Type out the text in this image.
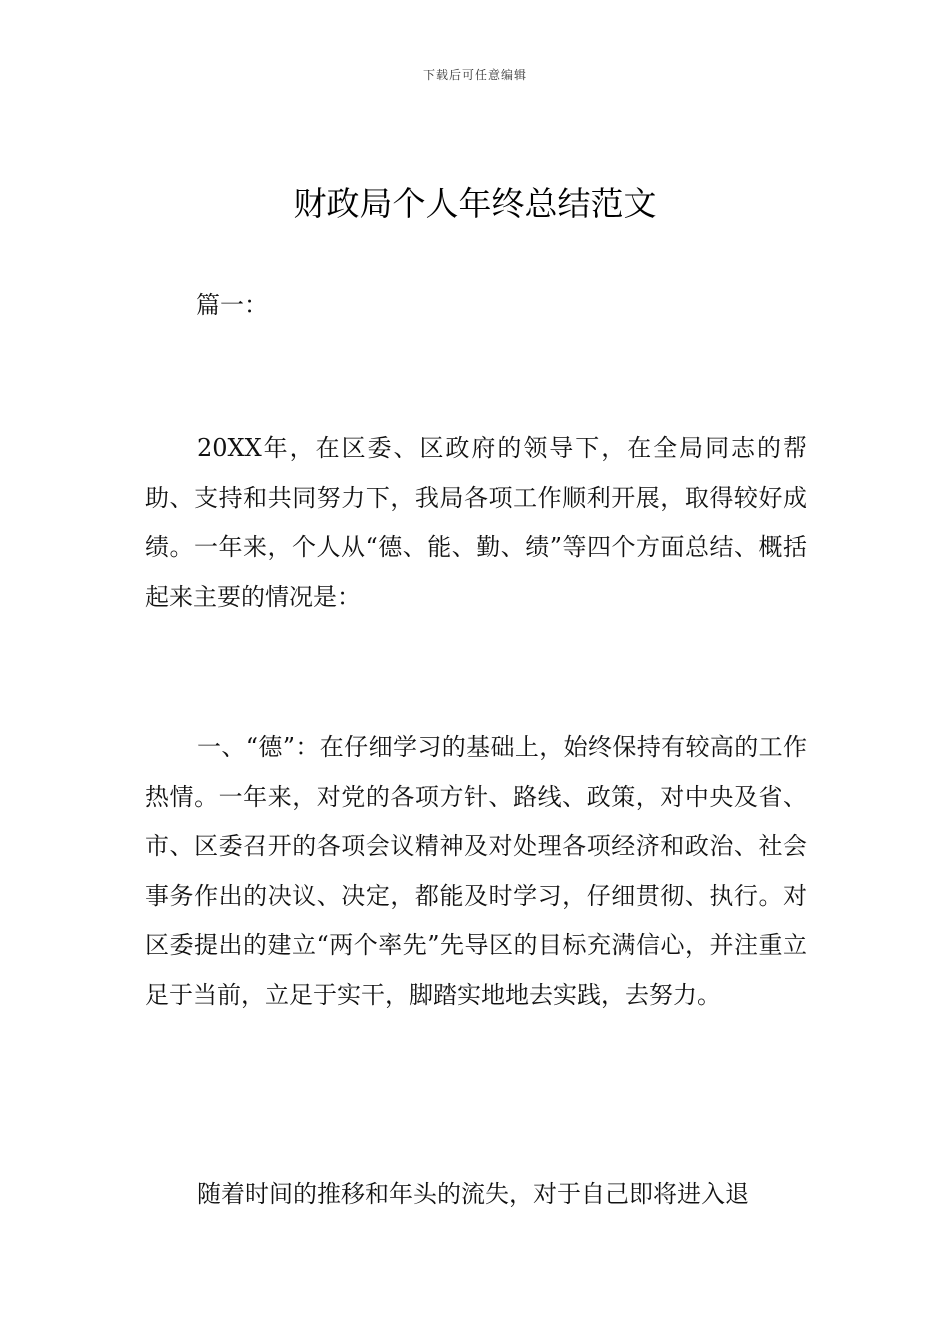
下载后可任意编辑
财政局个人年终总结范文

篇一：

20XX年，在区委、区政府的领导下，在全局同志的帮助、支持和共同努力下，我局各项工作顺利开展，取得较好成绩。一年来，个人从“德、能、勤、绩”等四个方面总结、概括起来主要的情况是：

一、“德”：在仔细学习的基础上，始终保持有较高的工作热情。一年来，对党的各项方针、路线、政策，对中央及省、市、区委召开的各项会议精神及对处理各项经济和政治、社会事务作出的决议、决定，都能及时学习，仔细贯彻、执行。对区委提出的建立“两个率先”先导区的目标充满信心，并注重立足于当前，立足于实干，脚踏实地地去实践，去努力。

随着时间的推移和年头的流失，对于自己即将进入退
